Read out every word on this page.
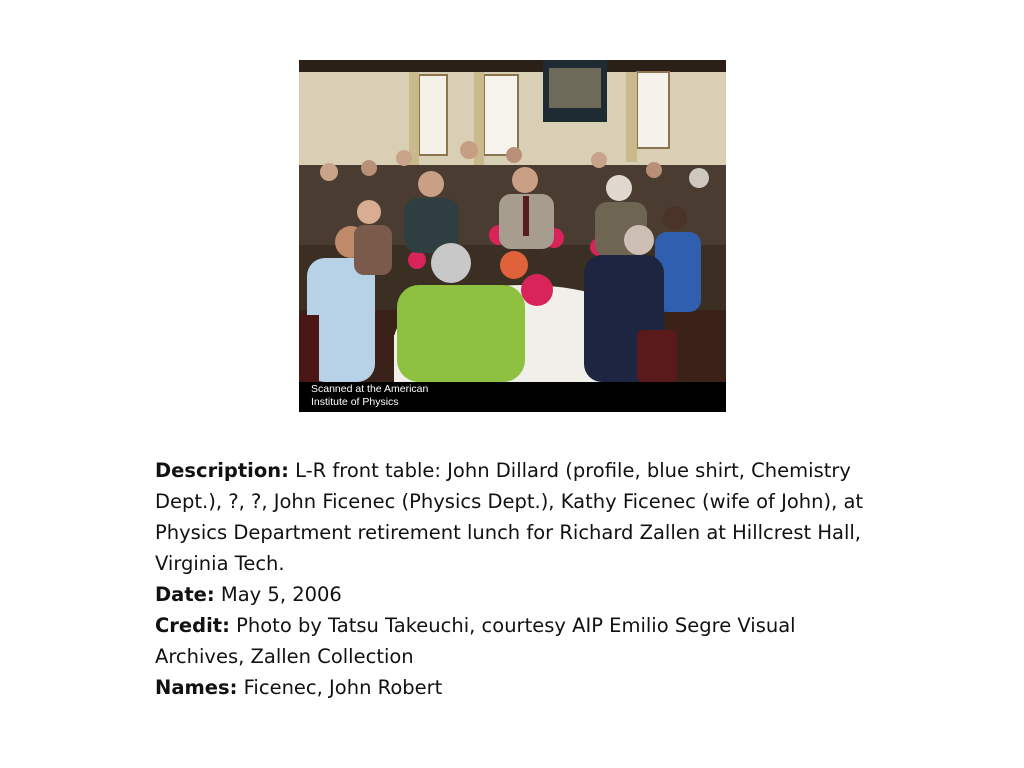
Scanned at the American
Institute of Physics

Description: L-R front table: John Dillard (profile, blue shirt, Chemistry Dept.), ?, ?, John Ficenec (Physics Dept.), Kathy Ficenec (wife of John), at Physics Department retirement lunch for Richard Zallen at Hillcrest Hall, Virginia Tech.

Date: May 5, 2006

Credit: Photo by Tatsu Takeuchi, courtesy AIP Emilio Segre Visual Archives, Zallen Collection

Names: Ficenec, John Robert
